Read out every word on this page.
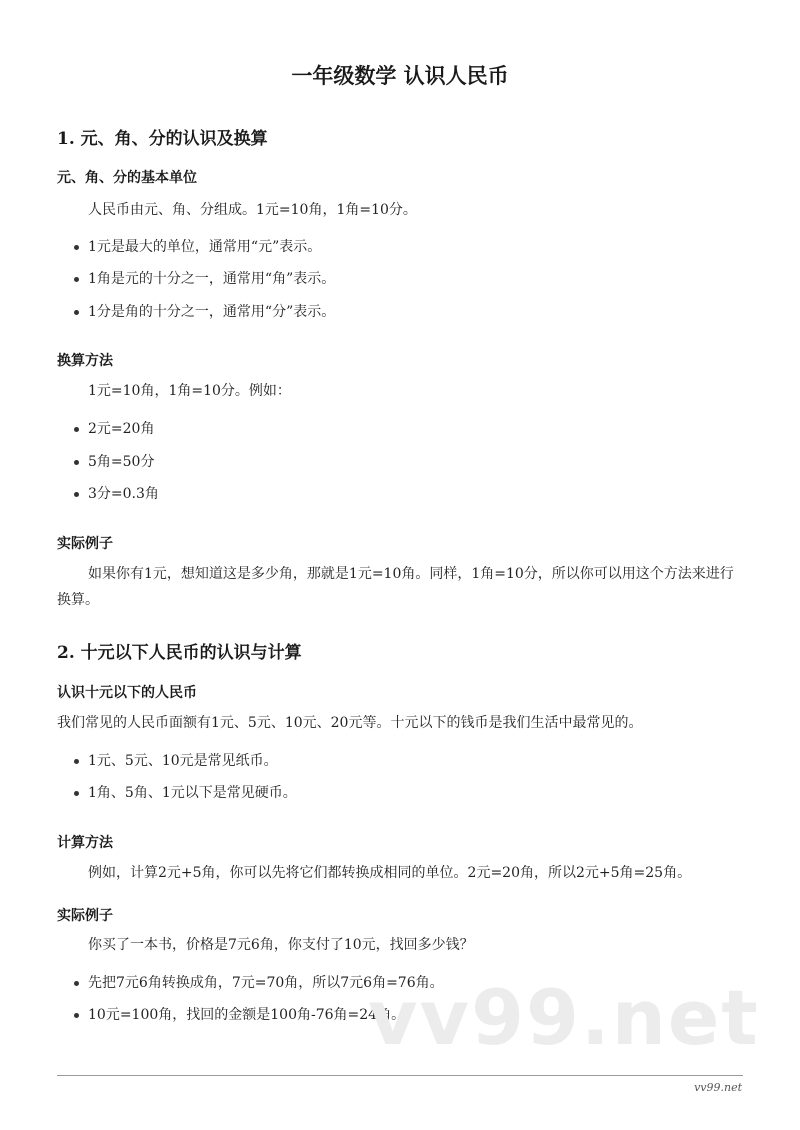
一年级数学 认识人民币
1. 元、角、分的认识及换算
元、角、分的基本单位

人民币由元、角、分组成。1元=10角，1角=10分。

1元是最大的单位，通常用“元”表示。

1角是元的十分之一，通常用“角”表示。

1分是角的十分之一，通常用“分”表示。

换算方法

1元=10角，1角=10分。例如：

2元=20角

5角=50分

3分=0.3角

实际例子

如果你有1元，想知道这是多少角，那就是1元=10角。同样，1角=10分，所以你可以用这个方法来进行换算。

2. 十元以下人民币的认识与计算
认识十元以下的人民币

我们常见的人民币面额有1元、5元、10元、20元等。十元以下的钱币是我们生活中最常见的。

1元、5元、10元是常见纸币。

1角、5角、1元以下是常见硬币。

计算方法

例如，计算2元+5角，你可以先将它们都转换成相同的单位。2元=20角，所以2元+5角=25角。

实际例子

你买了一本书，价格是7元6角，你支付了10元，找回多少钱？

先把7元6角转换成角，7元=70角，所以7元6角=76角。

10元=100角，找回的金额是100角-76角=24角。

vv99.net

vv99.net
